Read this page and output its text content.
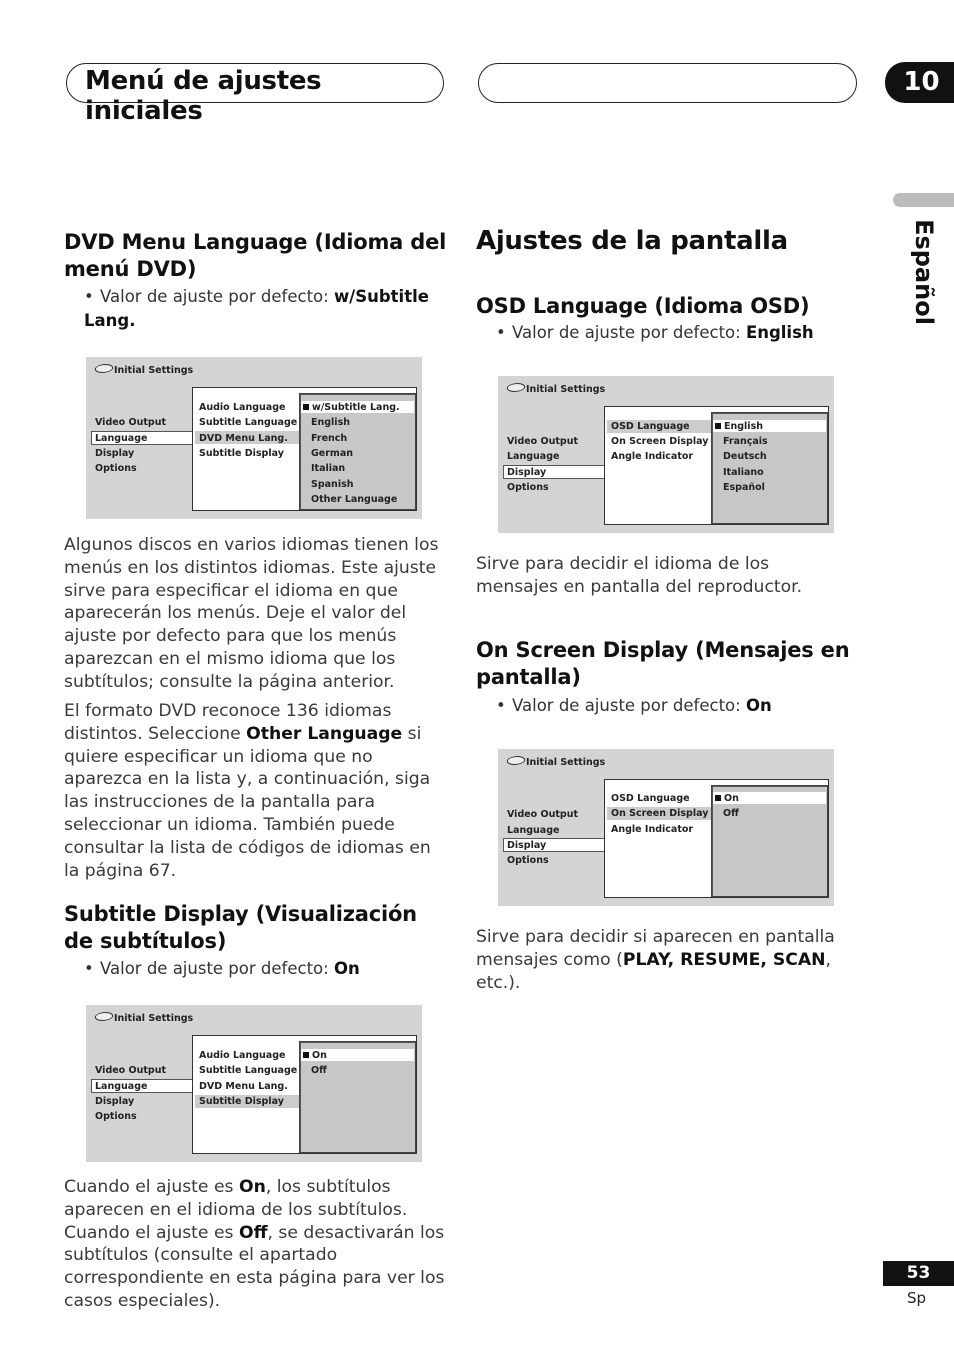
Menú de ajustes iniciales
10
Español
DVD Menu Language (Idioma del menú DVD)
• Valor de ajuste por defecto: w/Subtitle Lang.
Initial Settings
Video Output
Language
Display
Options
Audio Language
Subtitle Language
DVD Menu Lang.
Subtitle Display
w/Subtitle Lang.
English
French
German
Italian
Spanish
Other Language
Algunos discos en varios idiomas tienen los menús en los distintos idiomas. Este ajuste sirve para especificar el idioma en que aparecerán los menús. Deje el valor del ajuste por defecto para que los menús aparezcan en el mismo idioma que los subtítulos; consulte la página anterior.
El formato DVD reconoce 136 idiomas distintos. Seleccione Other Language si quiere especificar un idioma que no aparezca en la lista y, a continuación, siga las instrucciones de la pantalla para seleccionar un idioma. También puede consultar la lista de códigos de idiomas en la página 67.
Subtitle Display (Visualización de subtítulos)
• Valor de ajuste por defecto: On
Initial Settings
Video Output
Language
Display
Options
Audio Language
Subtitle Language
DVD Menu Lang.
Subtitle Display
On
Off
Cuando el ajuste es On, los subtítulos aparecen en el idioma de los subtítulos. Cuando el ajuste es Off, se desactivarán los subtítulos (consulte el apartado correspondiente en esta página para ver los casos especiales).
Ajustes de la pantalla
OSD Language (Idioma OSD)
• Valor de ajuste por defecto: English
Initial Settings
Video Output
Language
Display
Options
OSD Language
On Screen Display
Angle Indicator
English
Français
Deutsch
Italiano
Español
Sirve para decidir el idioma de los mensajes en pantalla del reproductor.
On Screen Display (Mensajes en pantalla)
• Valor de ajuste por defecto: On
Initial Settings
Video Output
Language
Display
Options
OSD Language
On Screen Display
Angle Indicator
On
Off
Sirve para decidir si aparecen en pantalla mensajes como (PLAY, RESUME, SCAN, etc.).
53
Sp
